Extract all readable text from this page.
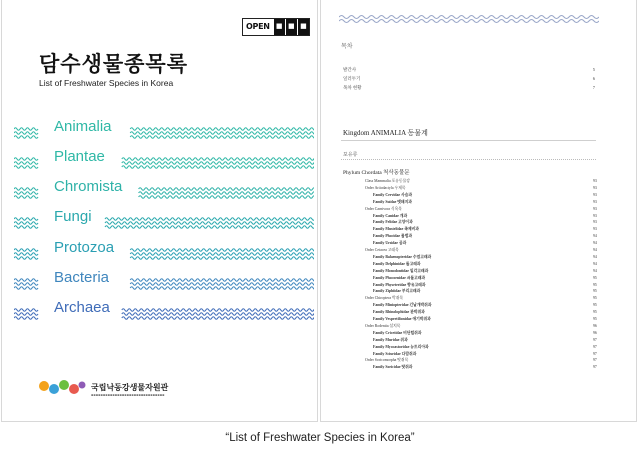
OPEN ■ ■ ■
담수생물종목록
List of Freshwater Species in Korea
Animalia
Plantae
Chromista
Fungi
Protozoa
Bacteria
Archaea
국립낙동강생물자원관
▪▪▪▪▪▪▪▪▪▪▪▪▪▪▪▪▪▪▪▪▪▪▪▪▪▪▪▪▪▪▪
목차
발간사	5
일러두기	6
목차 현황	7
Kingdom ANIMALIA 동물계
포유류
Phylum Chordata 척삭동물문
Class Mammalia 포유동물강	93
Order Artiodactyla 우제목	93
Family Cervidae 사슴과	93
Family Suidae 멧돼지과	93
Order Carnivora 식육목	93
Family Canidae 개과	93
Family Felidae 고양이과	93
Family Mustelidae 족제비과	93
Family Phocidae 물범과	94
Family Ursidae 곰과	94
Order Cetacea 고래목	94
Family Balaenopteridae 수염고래과	94
Family Delphinidae 돌고래과	94
Family Monodontidae 일각고래과	94
Family Phocoenidae 쇠돌고래과	95
Family Physeteridae 향유고래과	95
Family Ziphiidae 부리고래과	95
Order Chiroptera 박쥐목	95
Family Miniopteridae 긴날개박쥐과	95
Family Rhinolophidae 관박쥐과	95
Family Vespertilionidae 애기박쥐과	95
Order Rodentia 설치목	96
Family Cricetidae 비단털쥐과	96
Family Muridae 쥐과	97
Family Myocastoridae 뉴트리아과	97
Family Sciuridae 다람쥐과	97
Order Soricomorpha 땃쥐목	97
Family Soricidae 땃쥐과	97
“List of Freshwater Species in Korea”
